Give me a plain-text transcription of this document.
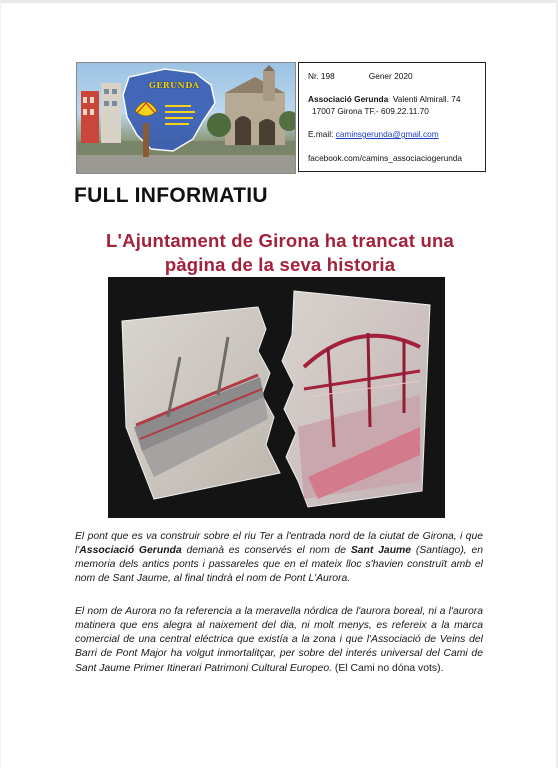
GERUNDA
Nr. 198	Gener 2020
Associació Gerunda Valenti Almirall. 74
17007 Girona TF.- 609.22.11.70
E.mail: caminsgerunda@gmail.com
facebook.com/camins_associaciogerunda
FULL INFORMATIU
L'Ajuntament de Girona ha trancat una
pàgina de la seva historia
El pont que es va construir sobre el riu Ter a l'entrada nord de la ciutat de Girona, i que l'Associació Gerunda demanà es conservés el nom de Sant Jaume (Santiago), en memoria dels antics ponts i passareles que en el mateix lloc s'havien construït amb el nom de Sant Jaume, al final tindrà el nom de Pont L'Aurora.
El nom de Aurora no fa referencia a la meravella nórdica de l'aurora boreal, ni a l'aurora matinera que ens alegra al naixement del dia, ni molt menys, es refereix a la marca comercial de una central eléctrica que existía a la zona i que l'Associació de Veins del Barri de Pont Major ha volgut inmortalitçar, per sobre del interés universal del Cami de Sant Jaume Primer Itinerari Patrimoni Cultural Europeo. (El Cami no dóna vots).
